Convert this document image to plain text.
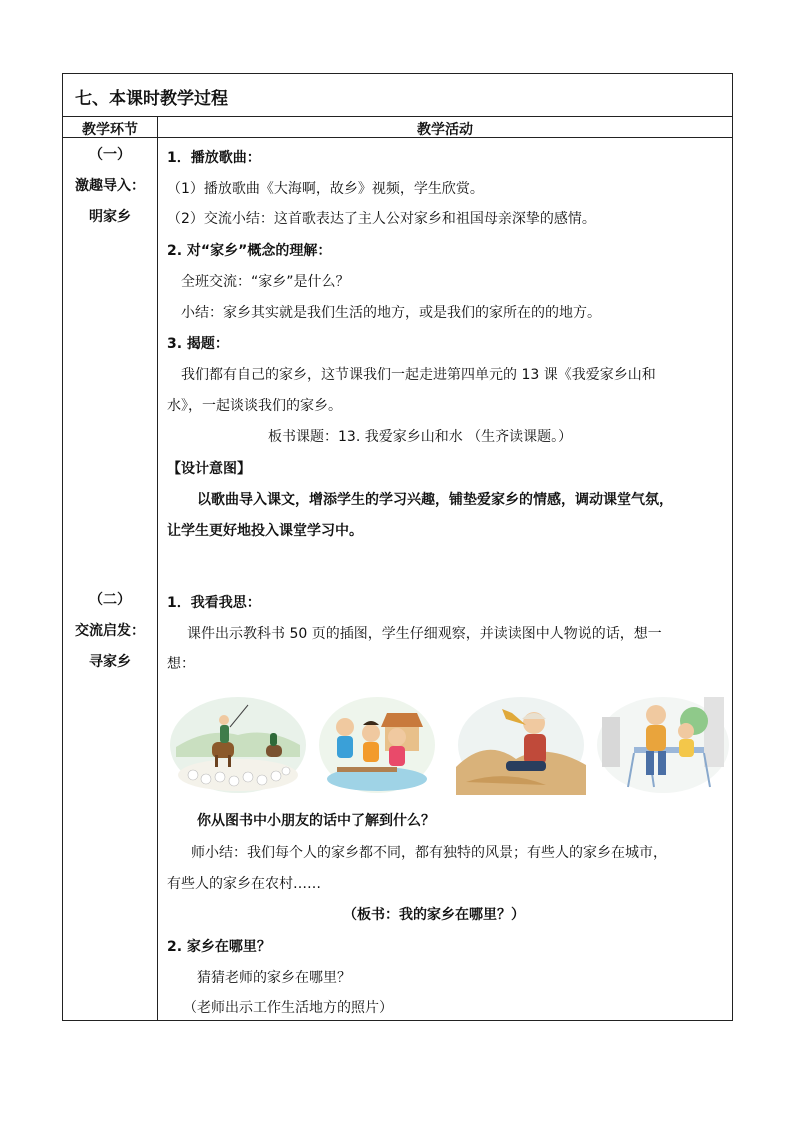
七、本课时教学过程
教学环节	教学活动
（一）
激趣导入：
明家乡
1．播放歌曲：
（1）播放歌曲《大海啊，故乡》视频，学生欣赏。
（2）交流小结：这首歌表达了主人公对家乡和祖国母亲深挚的感情。
2. 对“家乡”概念的理解：
全班交流：“家乡”是什么？
小结：家乡其实就是我们生活的地方，或是我们的家所在的的地方。
3. 揭题：
我们都有自己的家乡，这节课我们一起走进第四单元的 13 课《我爱家乡山和
水》，一起谈谈我们的家乡。
板书课题：13. 我爱家乡山和水 （生齐读课题。）
【设计意图】
以歌曲导入课文，增添学生的学习兴趣，铺垫爱家乡的情感，调动课堂气氛，
让学生更好地投入课堂学习中。
（二）
交流启发：
寻家乡
1．我看我思：
课件出示教科书 50 页的插图，学生仔细观察，并读读图中人物说的话，想一
想：
你从图书中小朋友的话中了解到什么？
师小结：我们每个人的家乡都不同，都有独特的风景；有些人的家乡在城市，
有些人的家乡在农村……
（板书：我的家乡在哪里？）
2. 家乡在哪里？
猜猜老师的家乡在哪里？
（老师出示工作生活地方的照片）
